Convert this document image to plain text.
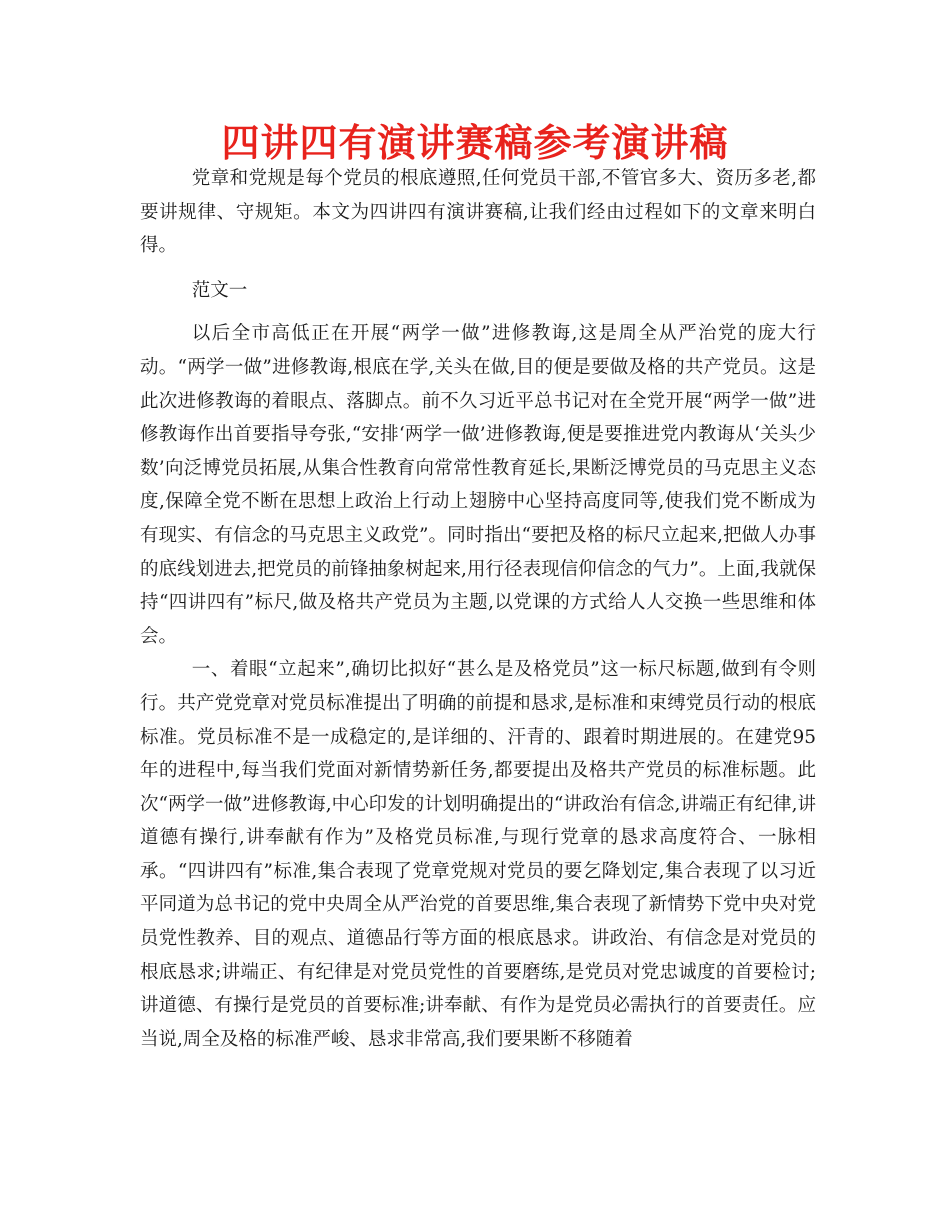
四讲四有演讲赛稿参考演讲稿

党章和党规是每个党员的根底遵照,任何党员干部,不管官多大、资历多老,都要讲规律、守规矩。本文为四讲四有演讲赛稿,让我们经由过程如下的文章来明白得。

范文一

以后全市高低正在开展“两学一做”进修教诲,这是周全从严治党的庞大行动。“两学一做”进修教诲,根底在学,关头在做,目的便是要做及格的共产党员。这是此次进修教诲的着眼点、落脚点。前不久习近平总书记对在全党开展“两学一做”进修教诲作出首要指导夸张,“安排‘两学一做’进修教诲,便是要推进党内教诲从‘关头少数’向泛博党员拓展,从集合性教育向常常性教育延长,果断泛博党员的马克思主义态度,保障全党不断在思想上政治上行动上翅膀中心坚持高度同等,使我们党不断成为有现实、有信念的马克思主义政党”。同时指出“要把及格的标尺立起来,把做人办事的底线划进去,把党员的前锋抽象树起来,用行径表现信仰信念的气力”。上面,我就保持“四讲四有”标尺,做及格共产党员为主题,以党课的方式给人人交换一些思维和体会。

一、着眼“立起来”,确切比拟好“甚么是及格党员”这一标尺标题,做到有令则行。共产党党章对党员标准提出了明确的前提和恳求,是标准和束缚党员行动的根底标准。党员标准不是一成稳定的,是详细的、汗青的、跟着时期进展的。在建党95年的进程中,每当我们党面对新情势新任务,都要提出及格共产党员的标准标题。此次“两学一做”进修教诲,中心印发的计划明确提出的“讲政治有信念,讲端正有纪律,讲道德有操行,讲奉献有作为”及格党员标准,与现行党章的恳求高度符合、一脉相承。“四讲四有”标准,集合表现了党章党规对党员的要乞降划定,集合表现了以习近平同道为总书记的党中央周全从严治党的首要思维,集合表现了新情势下党中央对党员党性教养、目的观点、道德品行等方面的根底恳求。讲政治、有信念是对党员的根底恳求;讲端正、有纪律是对党员党性的首要磨练,是党员对党忠诚度的首要检讨;讲道德、有操行是党员的首要标准;讲奉献、有作为是党员必需执行的首要责任。应当说,周全及格的标准严峻、恳求非常高,我们要果断不移随着
